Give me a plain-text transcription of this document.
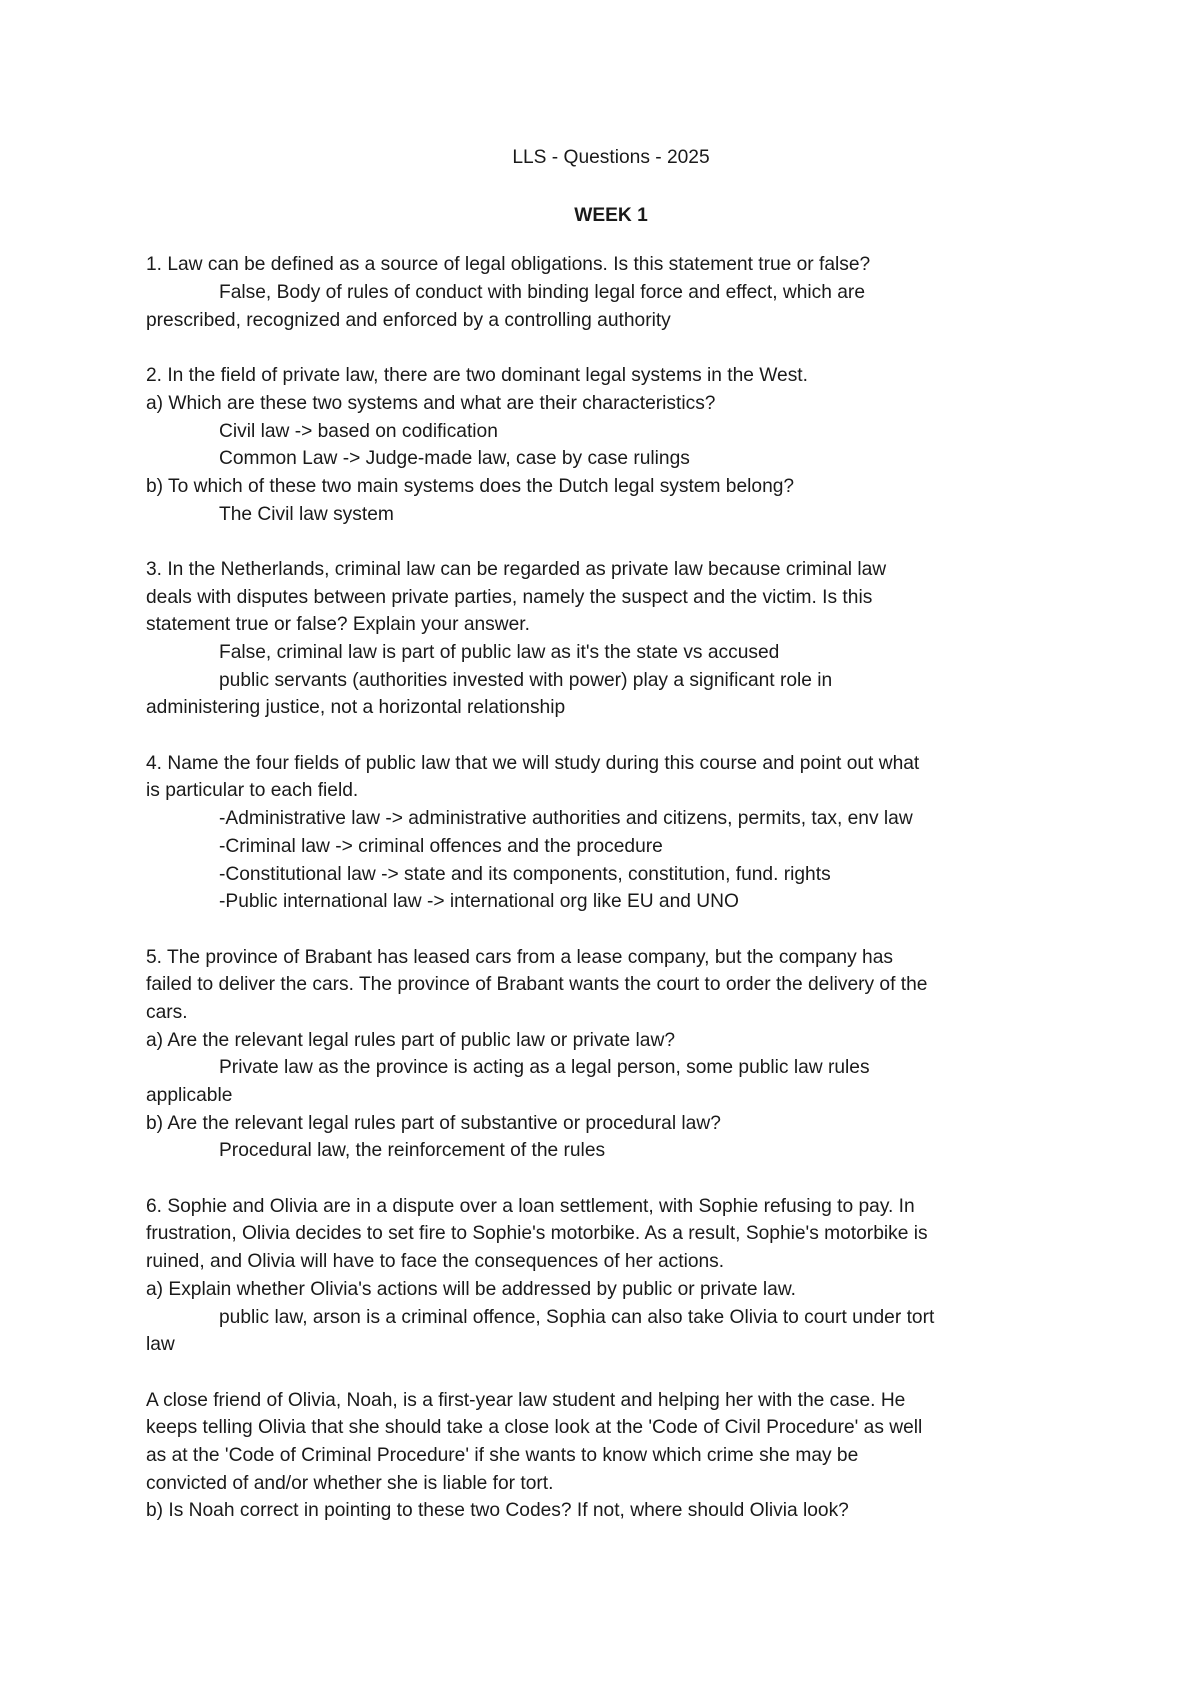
LLS - Questions - 2025
WEEK 1
1. Law can be defined as a source of legal obligations. Is this statement true or false?
False, Body of rules of conduct with binding legal force and effect, which are
prescribed, recognized and enforced by a controlling authority
2. In the field of private law, there are two dominant legal systems in the West.
a) Which are these two systems and what are their characteristics?
Civil law -> based on codification
Common Law -> Judge-made law, case by case rulings
b) To which of these two main systems does the Dutch legal system belong?
The Civil law system
3. In the Netherlands, criminal law can be regarded as private law because criminal law
deals with disputes between private parties, namely the suspect and the victim. Is this
statement true or false? Explain your answer.
False, criminal law is part of public law as it's the state vs accused
public servants (authorities invested with power) play a significant role in
administering justice, not a horizontal relationship
4. Name the four fields of public law that we will study during this course and point out what
is particular to each field.
-Administrative law -> administrative authorities and citizens, permits, tax, env law
-Criminal law -> criminal offences and the procedure
-Constitutional law -> state and its components, constitution, fund. rights
-Public international law -> international org like EU and UNO
5. The province of Brabant has leased cars from a lease company, but the company has
failed to deliver the cars. The province of Brabant wants the court to order the delivery of the
cars.
a) Are the relevant legal rules part of public law or private law?
Private law as the province is acting as a legal person, some public law rules
applicable
b) Are the relevant legal rules part of substantive or procedural law?
Procedural law, the reinforcement of the rules
6. Sophie and Olivia are in a dispute over a loan settlement, with Sophie refusing to pay. In
frustration, Olivia decides to set fire to Sophie's motorbike. As a result, Sophie's motorbike is
ruined, and Olivia will have to face the consequences of her actions.
a) Explain whether Olivia's actions will be addressed by public or private law.
public law, arson is a criminal offence, Sophia can also take Olivia to court under tort
law
A close friend of Olivia, Noah, is a first-year law student and helping her with the case. He
keeps telling Olivia that she should take a close look at the 'Code of Civil Procedure' as well
as at the 'Code of Criminal Procedure' if she wants to know which crime she may be
convicted of and/or whether she is liable for tort.
b) Is Noah correct in pointing to these two Codes? If not, where should Olivia look?
